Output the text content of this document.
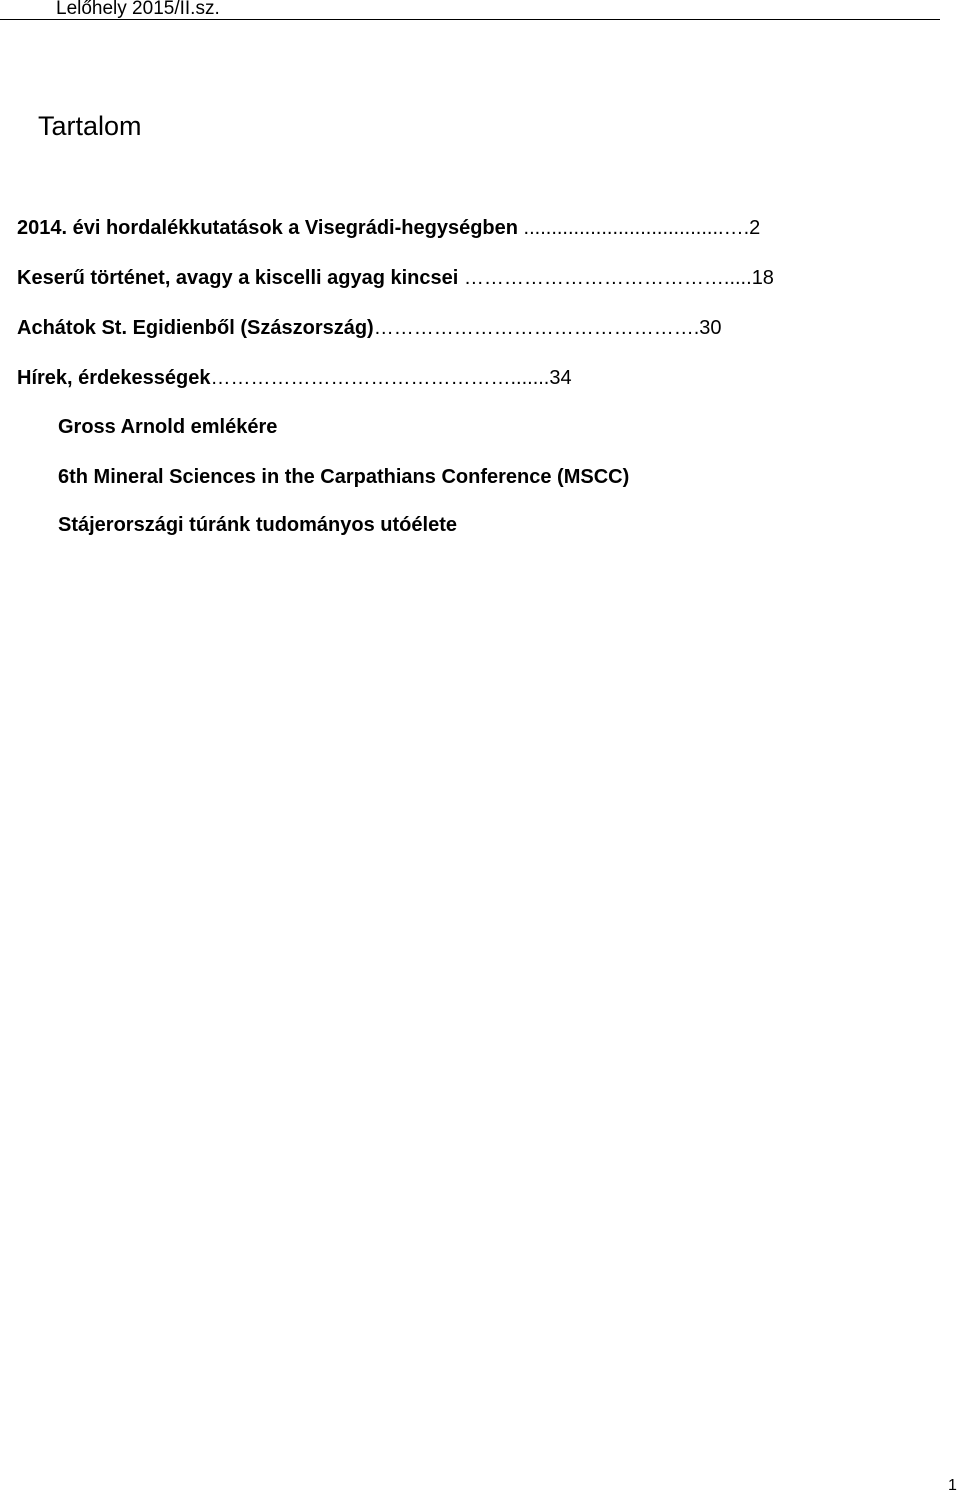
Lelőhely 2015/II.sz.
Tartalom
2014. évi hordalékkutatások a Visegrádi-hegységben ....................................….2
Keserű történet, avagy a kiscelli agyag kincsei ………………………………….....18
Achátok St. Egidienből (Szászország)………………………………………….30
Hírek, érdekességek……………………………………….......34
Gross Arnold emlékére
6th Mineral Sciences in the Carpathians Conference (MSCC)
Stájerországi túránk tudományos utóélete
1
